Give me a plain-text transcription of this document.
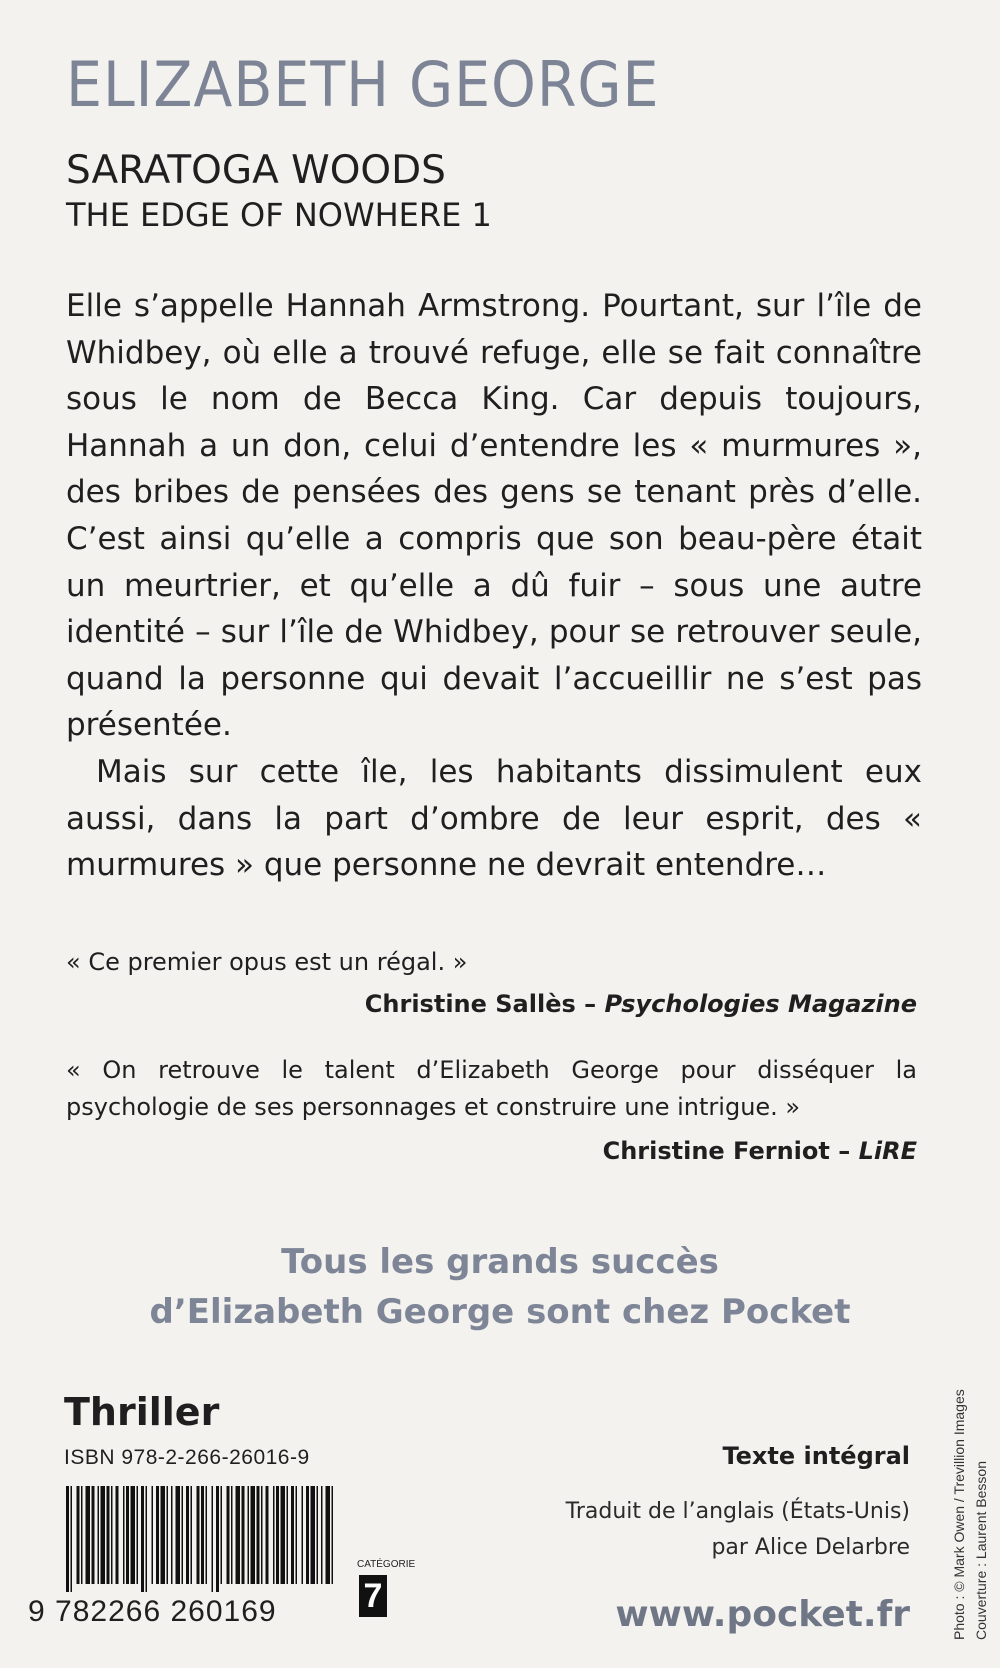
ELIZABETH GEORGE
SARATOGA WOODS
THE EDGE OF NOWHERE 1

Elle s’appelle Hannah Armstrong. Pourtant, sur l’île de Whidbey, où elle a trouvé refuge, elle se fait connaître sous le nom de Becca King. Car depuis toujours, Hannah a un don, celui d’entendre les « murmures », des bribes de pensées des gens se tenant près d’elle. C’est ainsi qu’elle a compris que son beau-père était un meurtrier, et qu’elle a dû fuir – sous une autre identité – sur l’île de Whidbey, pour se retrouver seule, quand la personne qui devait l’accueillir ne s’est pas présentée.

Mais sur cette île, les habitants dissimulent eux aussi, dans la part d’ombre de leur esprit, des « murmures » que personne ne devrait entendre…

« Ce premier opus est un régal. »
Christine Sallès – Psychologies Magazine
« On retrouve le talent d’Elizabeth George pour disséquer la psychologie de ses personnages et construire une intrigue. »
Christine Ferniot – LiRE
Tous les grands succès
d’Elizabeth George sont chez Pocket
Thriller
ISBN 978-2-266-26016-9
9 782266 260169
CATÉGORIE
7
Texte intégral
Traduit de l’anglais (États-Unis)
par Alice Delarbre
www.pocket.fr	Photo : © Mark Owen / Trevillion Images Couverture : Laurent Besson
